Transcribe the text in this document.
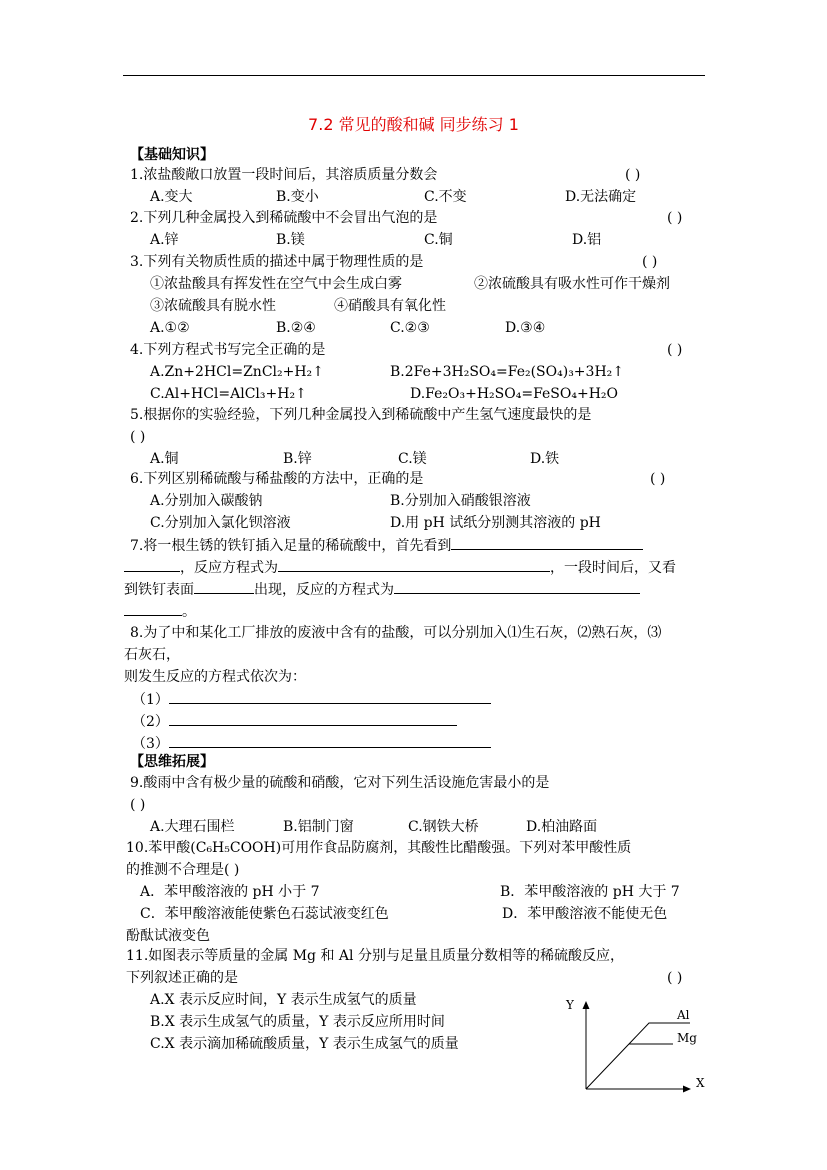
7.2 常见的酸和碱 同步练习 1
【基础知识】
1.浓盐酸敞口放置一段时间后，其溶质质量分数会	( )
A.变大	B.变小	C.不变	D.无法确定
2.下列几种金属投入到稀硫酸中不会冒出气泡的是	( )
A.锌	B.镁	C.铜	D.铝
3.下列有关物质性质的描述中属于物理性质的是	( )
①浓盐酸具有挥发性在空气中会生成白雾	②浓硫酸具有吸水性可作干燥剂
③浓硫酸具有脱水性	④硝酸具有氧化性
A.①②	B.②④	C.②③	D.③④
4.下列方程式书写完全正确的是	( )
A.Zn+2HCl=ZnCl₂+H₂↑	B.2Fe+3H₂SO₄=Fe₂(SO₄)₃+3H₂↑
C.Al+HCl=AlCl₃+H₂↑	D.Fe₂O₃+H₂SO₄=FeSO₄+H₂O
5.根据你的实验经验，下列几种金属投入到稀硫酸中产生氢气速度最快的是
( )
A.铜	B.锌	C.镁	D.铁
6.下列区别稀硫酸与稀盐酸的方法中，正确的是	( )
A.分别加入碳酸钠	B.分别加入硝酸银溶液
C.分别加入氯化钡溶液	D.用 pH 试纸分别测其溶液的 pH
7.将一根生锈的铁钉插入足量的稀硫酸中，首先看到
，反应方程式为	，一段时间后，又看
到铁钉表面	出现，反应的方程式为
。
8.为了中和某化工厂排放的废液中含有的盐酸，可以分别加入⑴生石灰，⑵熟石灰，⑶
石灰石，
则发生反应的方程式依次为：
（1）
（2）
（3）
【思维拓展】
9.酸雨中含有极少量的硫酸和硝酸，它对下列生活设施危害最小的是
( )
A.大理石围栏	B.铝制门窗	C.钢铁大桥	D.柏油路面
10.苯甲酸(C₆H₅COOH)可用作食品防腐剂，其酸性比醋酸强。下列对苯甲酸性质
的推测不合理是( )
A．苯甲酸溶液的 pH 小于 7	B．苯甲酸溶液的 pH 大于 7
C．苯甲酸溶液能使紫色石蕊试液变红色	D．苯甲酸溶液不能使无色
酚酞试液变色
11.如图表示等质量的金属 Mg 和 Al 分别与足量且质量分数相等的稀硫酸反应，
下列叙述正确的是	( )
A.X 表示反应时间，Y 表示生成氢气的质量
B.X 表示生成氢气的质量，Y 表示反应所用时间
C.X 表示滴加稀硫酸质量，Y 表示生成氢气的质量
Y
X
Al
Mg
